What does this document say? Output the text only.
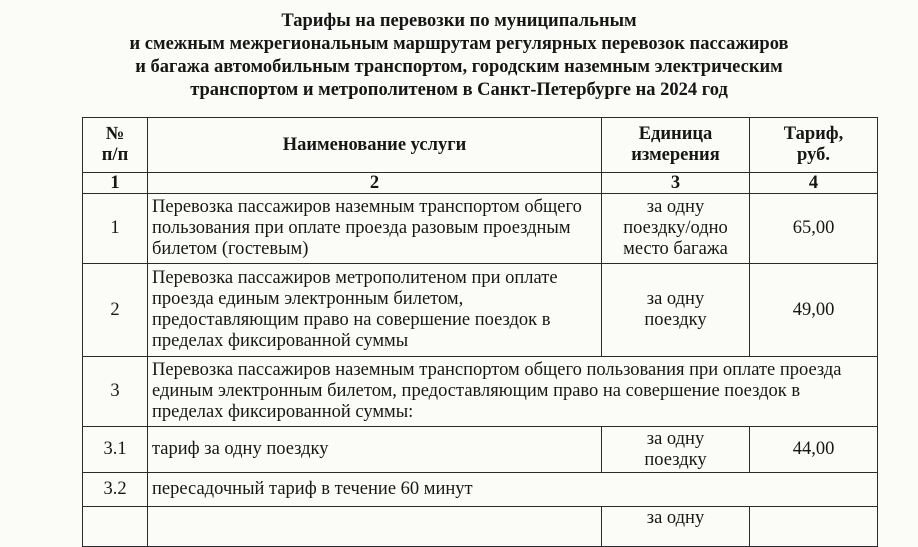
Тарифы на перевозки по муниципальным
и смежным межрегиональным маршрутам регулярных перевозок пассажиров
и багажа автомобильным транспортом, городским наземным электрическим
транспортом и метрополитеном в Санкт-Петербурге на 2024 год
№ п/п	Наименование услуги	Единица измерения	Тариф, руб.
1	2	3	4
1	Перевозка пассажиров наземным транспортом общего пользования при оплате проезда разовым проездным билетом (гостевым)	за одну поездку/одно место багажа	65,00
2	Перевозка пассажиров метрополитеном при оплате проезда единым электронным билетом, предоставляющим право на совершение поездок в пределах фиксированной суммы	за одну поездку	49,00
3	Перевозка пассажиров наземным транспортом общего пользования при оплате проезда единым электронным билетом, предоставляющим право на совершение поездок в пределах фиксированной суммы:		
3.1	тариф за одну поездку	за одну поездку	44,00
3.2	пересадочный тариф в течение 60 минут		
		за одну	
